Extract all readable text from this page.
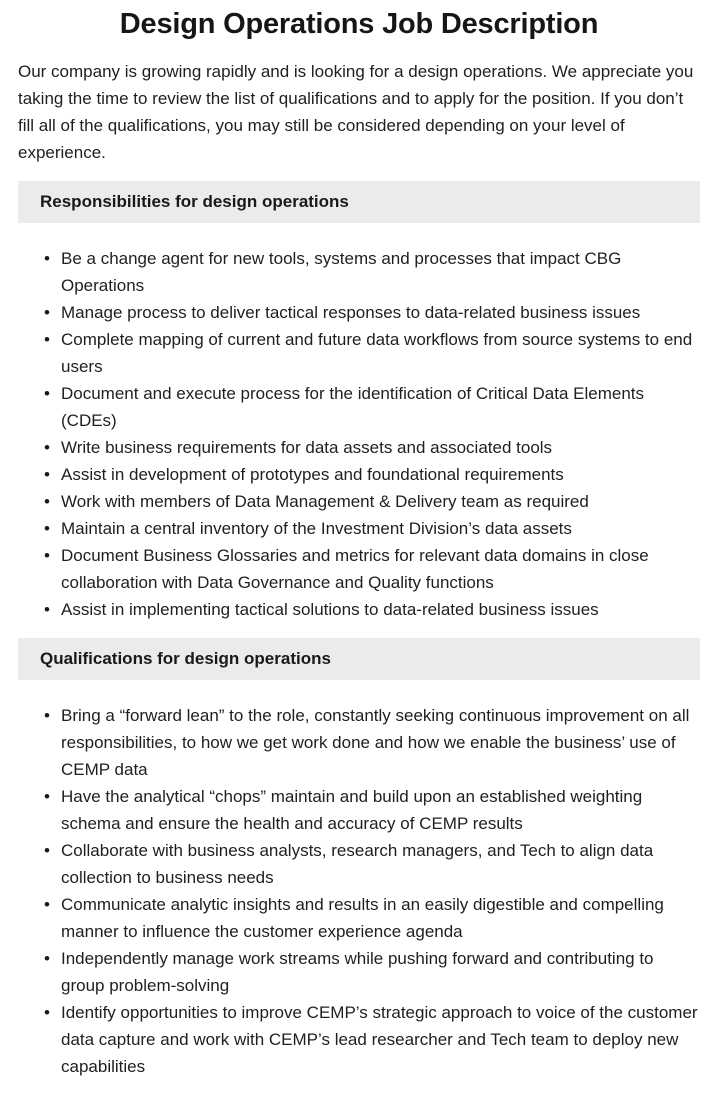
Design Operations Job Description

Our company is growing rapidly and is looking for a design operations. We appreciate you taking the time to review the list of qualifications and to apply for the position. If you don’t fill all of the qualifications, you may still be considered depending on your level of experience.

Responsibilities for design operations
• Be a change agent for new tools, systems and processes that impact CBG Operations
• Manage process to deliver tactical responses to data-related business issues
• Complete mapping of current and future data workflows from source systems to end users
• Document and execute process for the identification of Critical Data Elements (CDEs)
• Write business requirements for data assets and associated tools
• Assist in development of prototypes and foundational requirements
• Work with members of Data Management & Delivery team as required
• Maintain a central inventory of the Investment Division’s data assets
• Document Business Glossaries and metrics for relevant data domains in close collaboration with Data Governance and Quality functions
• Assist in implementing tactical solutions to data-related business issues
Qualifications for design operations
• Bring a “forward lean” to the role, constantly seeking continuous improvement on all responsibilities, to how we get work done and how we enable the business’ use of CEMP data
• Have the analytical “chops” maintain and build upon an established weighting schema and ensure the health and accuracy of CEMP results
• Collaborate with business analysts, research managers, and Tech to align data collection to business needs
• Communicate analytic insights and results in an easily digestible and compelling manner to influence the customer experience agenda
• Independently manage work streams while pushing forward and contributing to group problem-solving
• Identify opportunities to improve CEMP’s strategic approach to voice of the customer data capture and work with CEMP’s lead researcher and Tech team to deploy new capabilities
